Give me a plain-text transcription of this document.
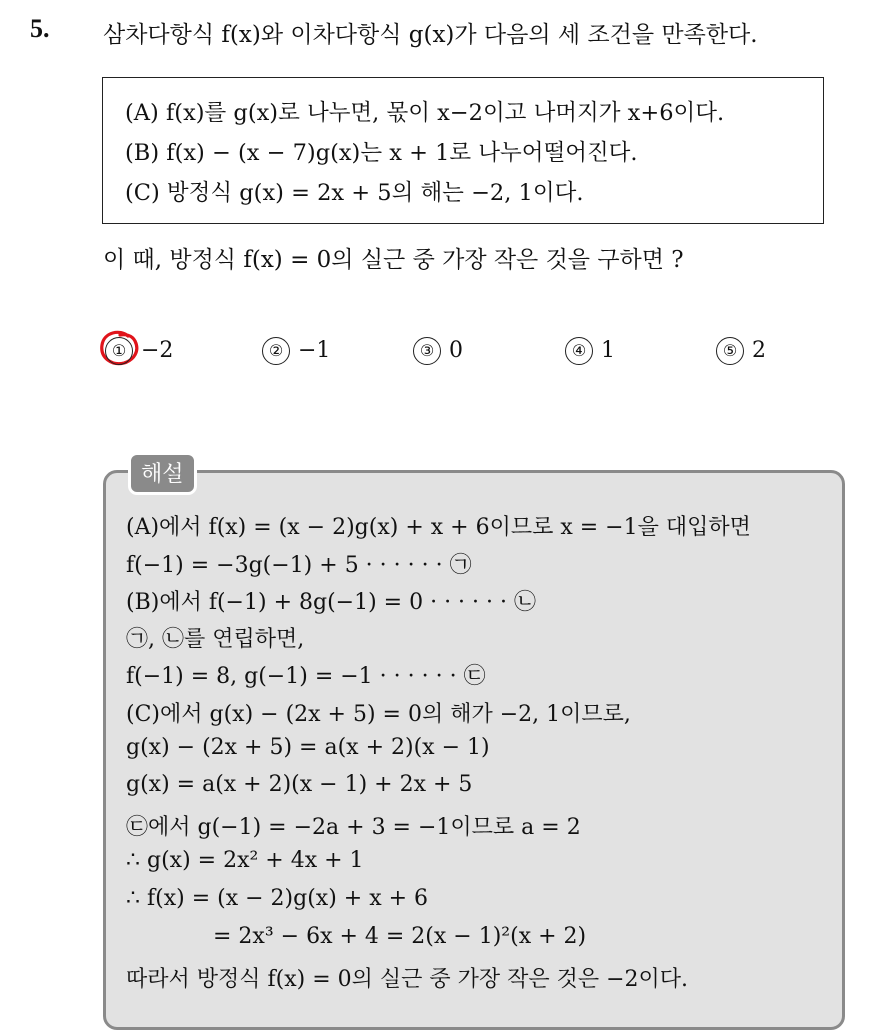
5. 삼차다항식 f(x)와 이차다항식 g(x)가 다음의 세 조건을 만족한다.
(A) f(x)를 g(x)로 나누면, 몫이 x−2이고 나머지가 x+6이다.
(B) f(x) − (x − 7)g(x)는 x + 1로 나누어떨어진다.
(C) 방정식 g(x) = 2x + 5의 해는 −2, 1이다.
이 때, 방정식 f(x) = 0의 실근 중 가장 작은 것을 구하면 ?
① −2	② −1	③ 0	④ 1	⑤ 2
해설
(A)에서 f(x) = (x − 2)g(x) + x + 6이므로 x = −1을 대입하면
f(−1) = −3g(−1) + 5 · · · · · · ㉠
(B)에서 f(−1) + 8g(−1) = 0 · · · · · · ㉡
㉠, ㉡를 연립하면,
f(−1) = 8, g(−1) = −1 · · · · · · ㉢
(C)에서 g(x) − (2x + 5) = 0의 해가 −2, 1이므로,
g(x) − (2x + 5) = a(x + 2)(x − 1)
g(x) = a(x + 2)(x − 1) + 2x + 5
㉢에서 g(−1) = −2a + 3 = −1이므로 a = 2
∴ g(x) = 2x² + 4x + 1
∴ f(x) = (x − 2)g(x) + x + 6
= 2x³ − 6x + 4 = 2(x − 1)²(x + 2)
따라서 방정식 f(x) = 0의 실근 중 가장 작은 것은 −2이다.
